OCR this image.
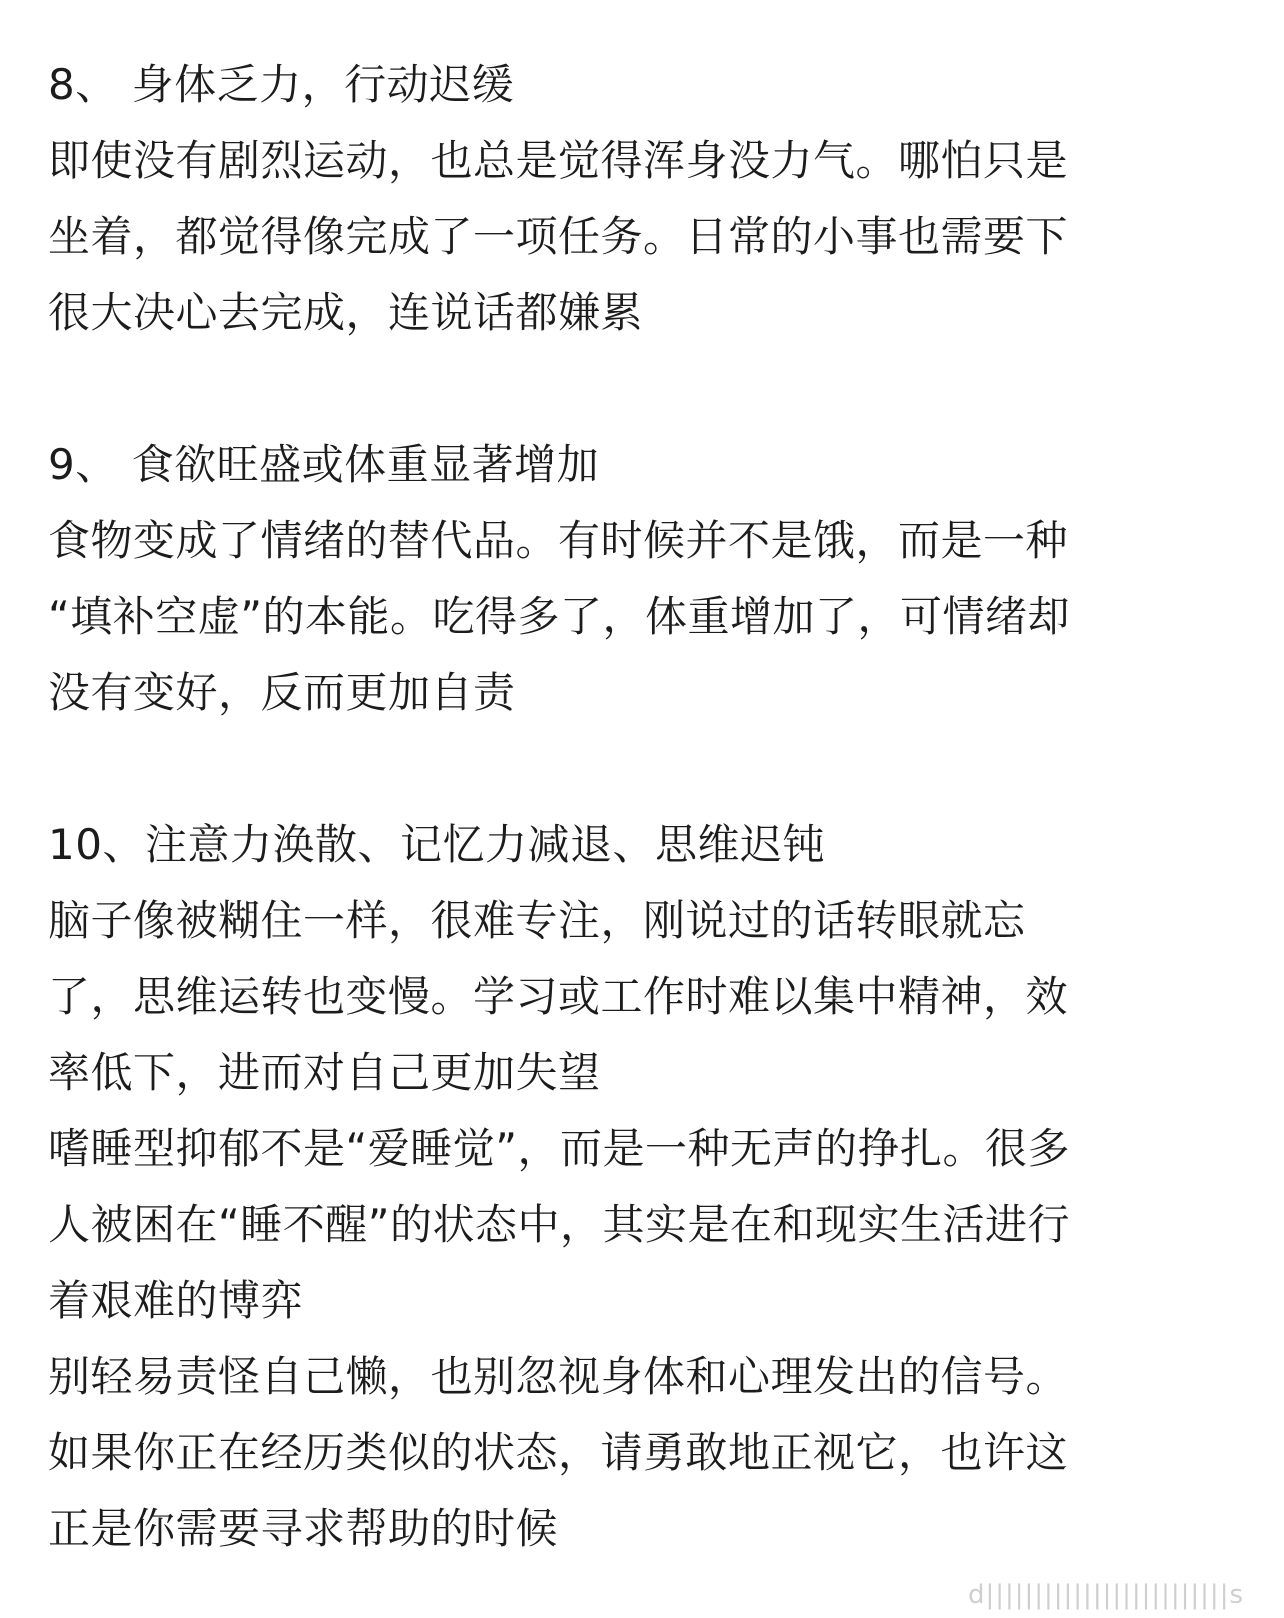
8、 身体乏力，行动迟缓
即使没有剧烈运动，也总是觉得浑身没力气。哪怕只是
坐着，都觉得像完成了一项任务。日常的小事也需要下
很大决心去完成，连说话都嫌累
9、 食欲旺盛或体重显著增加
食物变成了情绪的替代品。有时候并不是饿，而是一种
“填补空虚”的本能。吃得多了，体重增加了，可情绪却
没有变好，反而更加自责
10、注意力涣散、记忆力减退、思维迟钝
脑子像被糊住一样，很难专注，刚说过的话转眼就忘
了，思维运转也变慢。学习或工作时难以集中精神，效
率低下，进而对自己更加失望
嗜睡型抑郁不是“爱睡觉”，而是一种无声的挣扎。很多
人被困在“睡不醒”的状态中，其实是在和现实生活进行
着艰难的博弈
别轻易责怪自己懒，也别忽视身体和心理发出的信号。
如果你正在经历类似的状态，请勇敢地正视它，也许这
正是你需要寻求帮助的时候
d|||||||||||||||||||||||||s
